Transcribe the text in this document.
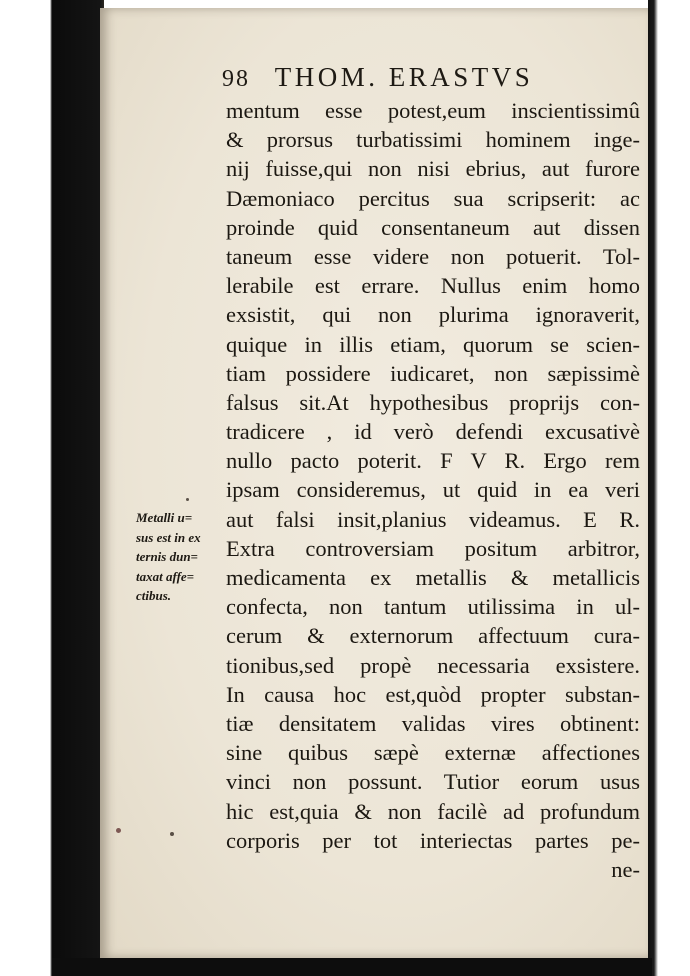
98 THOM. ERASTVS
mentum esse potest,eum inscientissimû
& prorsus turbatissimi hominem inge-
nij fuisse,qui non nisi ebrius, aut furore
Dæmoniaco percitus sua scripserit: ac
proinde quid consentaneum aut dissen
taneum esse videre non potuerit. Tol-
lerabile est errare. Nullus enim homo
exsistit, qui non plurima ignoraverit,
quique in illis etiam, quorum se scien-
tiam possidere iudicaret, non sæpissimè
falsus sit.At hypothesibus proprijs con-
tradicere , id verò defendi excusativè
nullo pacto poterit. F V R. Ergo rem
ipsam consideremus, ut quid in ea veri
aut falsi insit,planius videamus. E R.
Extra controversiam positum arbitror,
medicamenta ex metallis & metallicis
confecta, non tantum utilissima in ul-
cerum & externorum affectuum cura-
tionibus,sed propè necessaria exsistere.
In causa hoc est,quòd propter substan-
tiæ densitatem validas vires obtinent:
sine quibus sæpè externæ affectiones
vinci non possunt. Tutior eorum usus
hic est,quia & non facilè ad profundum
corporis per tot interiectas partes pe-
ne-
Metalli u=
sus est in ex
ternis dun=
taxat affe=
ctibus.
